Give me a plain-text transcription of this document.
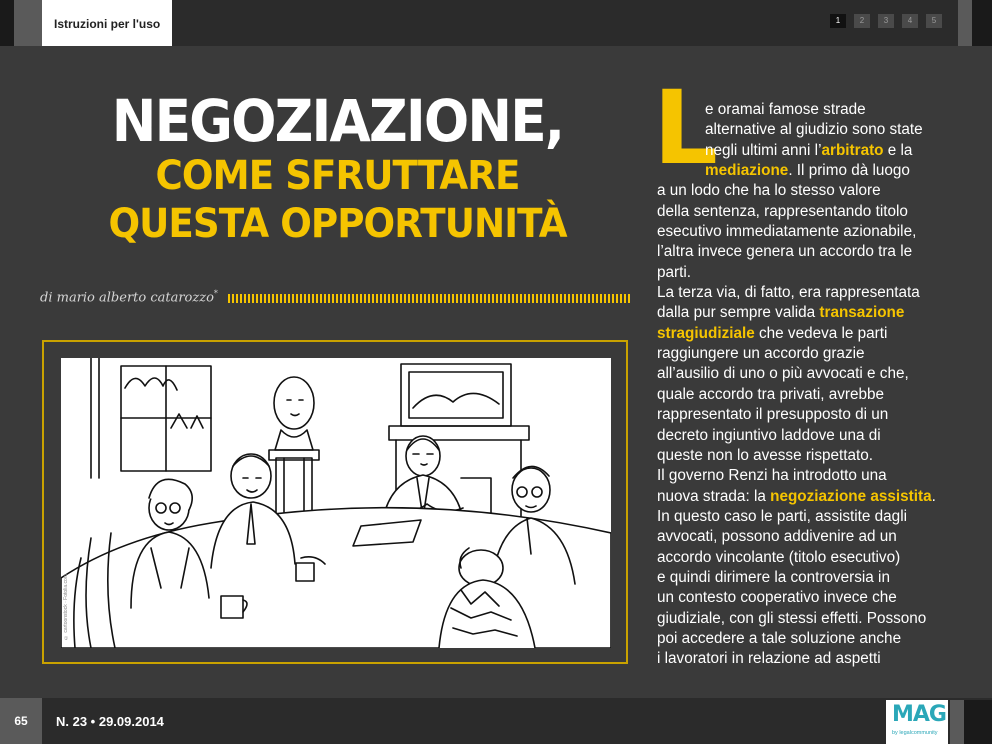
Istruzioni per l'uso	1	2	3	4	5
NEGOZIAZIONE,
COME SFRUTTARE
QUESTA OPPORTUNITÀ
di mario alberto catarozzo*
© cartoonstock · Fotolia.com
L
e oramai famose strade
alternative al giudizio sono state
negli ultimi anni l’arbitrato e la
mediazione. Il primo dà luogo
a un lodo che ha lo stesso valore
della sentenza, rappresentando titolo
esecutivo immediatamente azionabile,
l’altra invece genera un accordo tra le
parti.
La terza via, di fatto, era rappresentata
dalla pur sempre valida transazione
stragiudiziale che vedeva le parti
raggiungere un accordo grazie
all’ausilio di uno o più avvocati e che,
quale accordo tra privati, avrebbe
rappresentato il presupposto di un
decreto ingiuntivo laddove una di
queste non lo avesse rispettato.
Il governo Renzi ha introdotto una
nuova strada: la negoziazione assistita.
In questo caso le parti, assistite dagli
avvocati, possono addivenire ad un
accordo vincolante (titolo esecutivo)
e quindi dirimere la controversia in
un contesto cooperativo invece che
giudiziale, con gli stessi effetti. Possono
poi accedere a tale soluzione anche
i lavoratori in relazione ad aspetti
65	N. 23 • 29.09.2014	MAG
by legalcommunity
